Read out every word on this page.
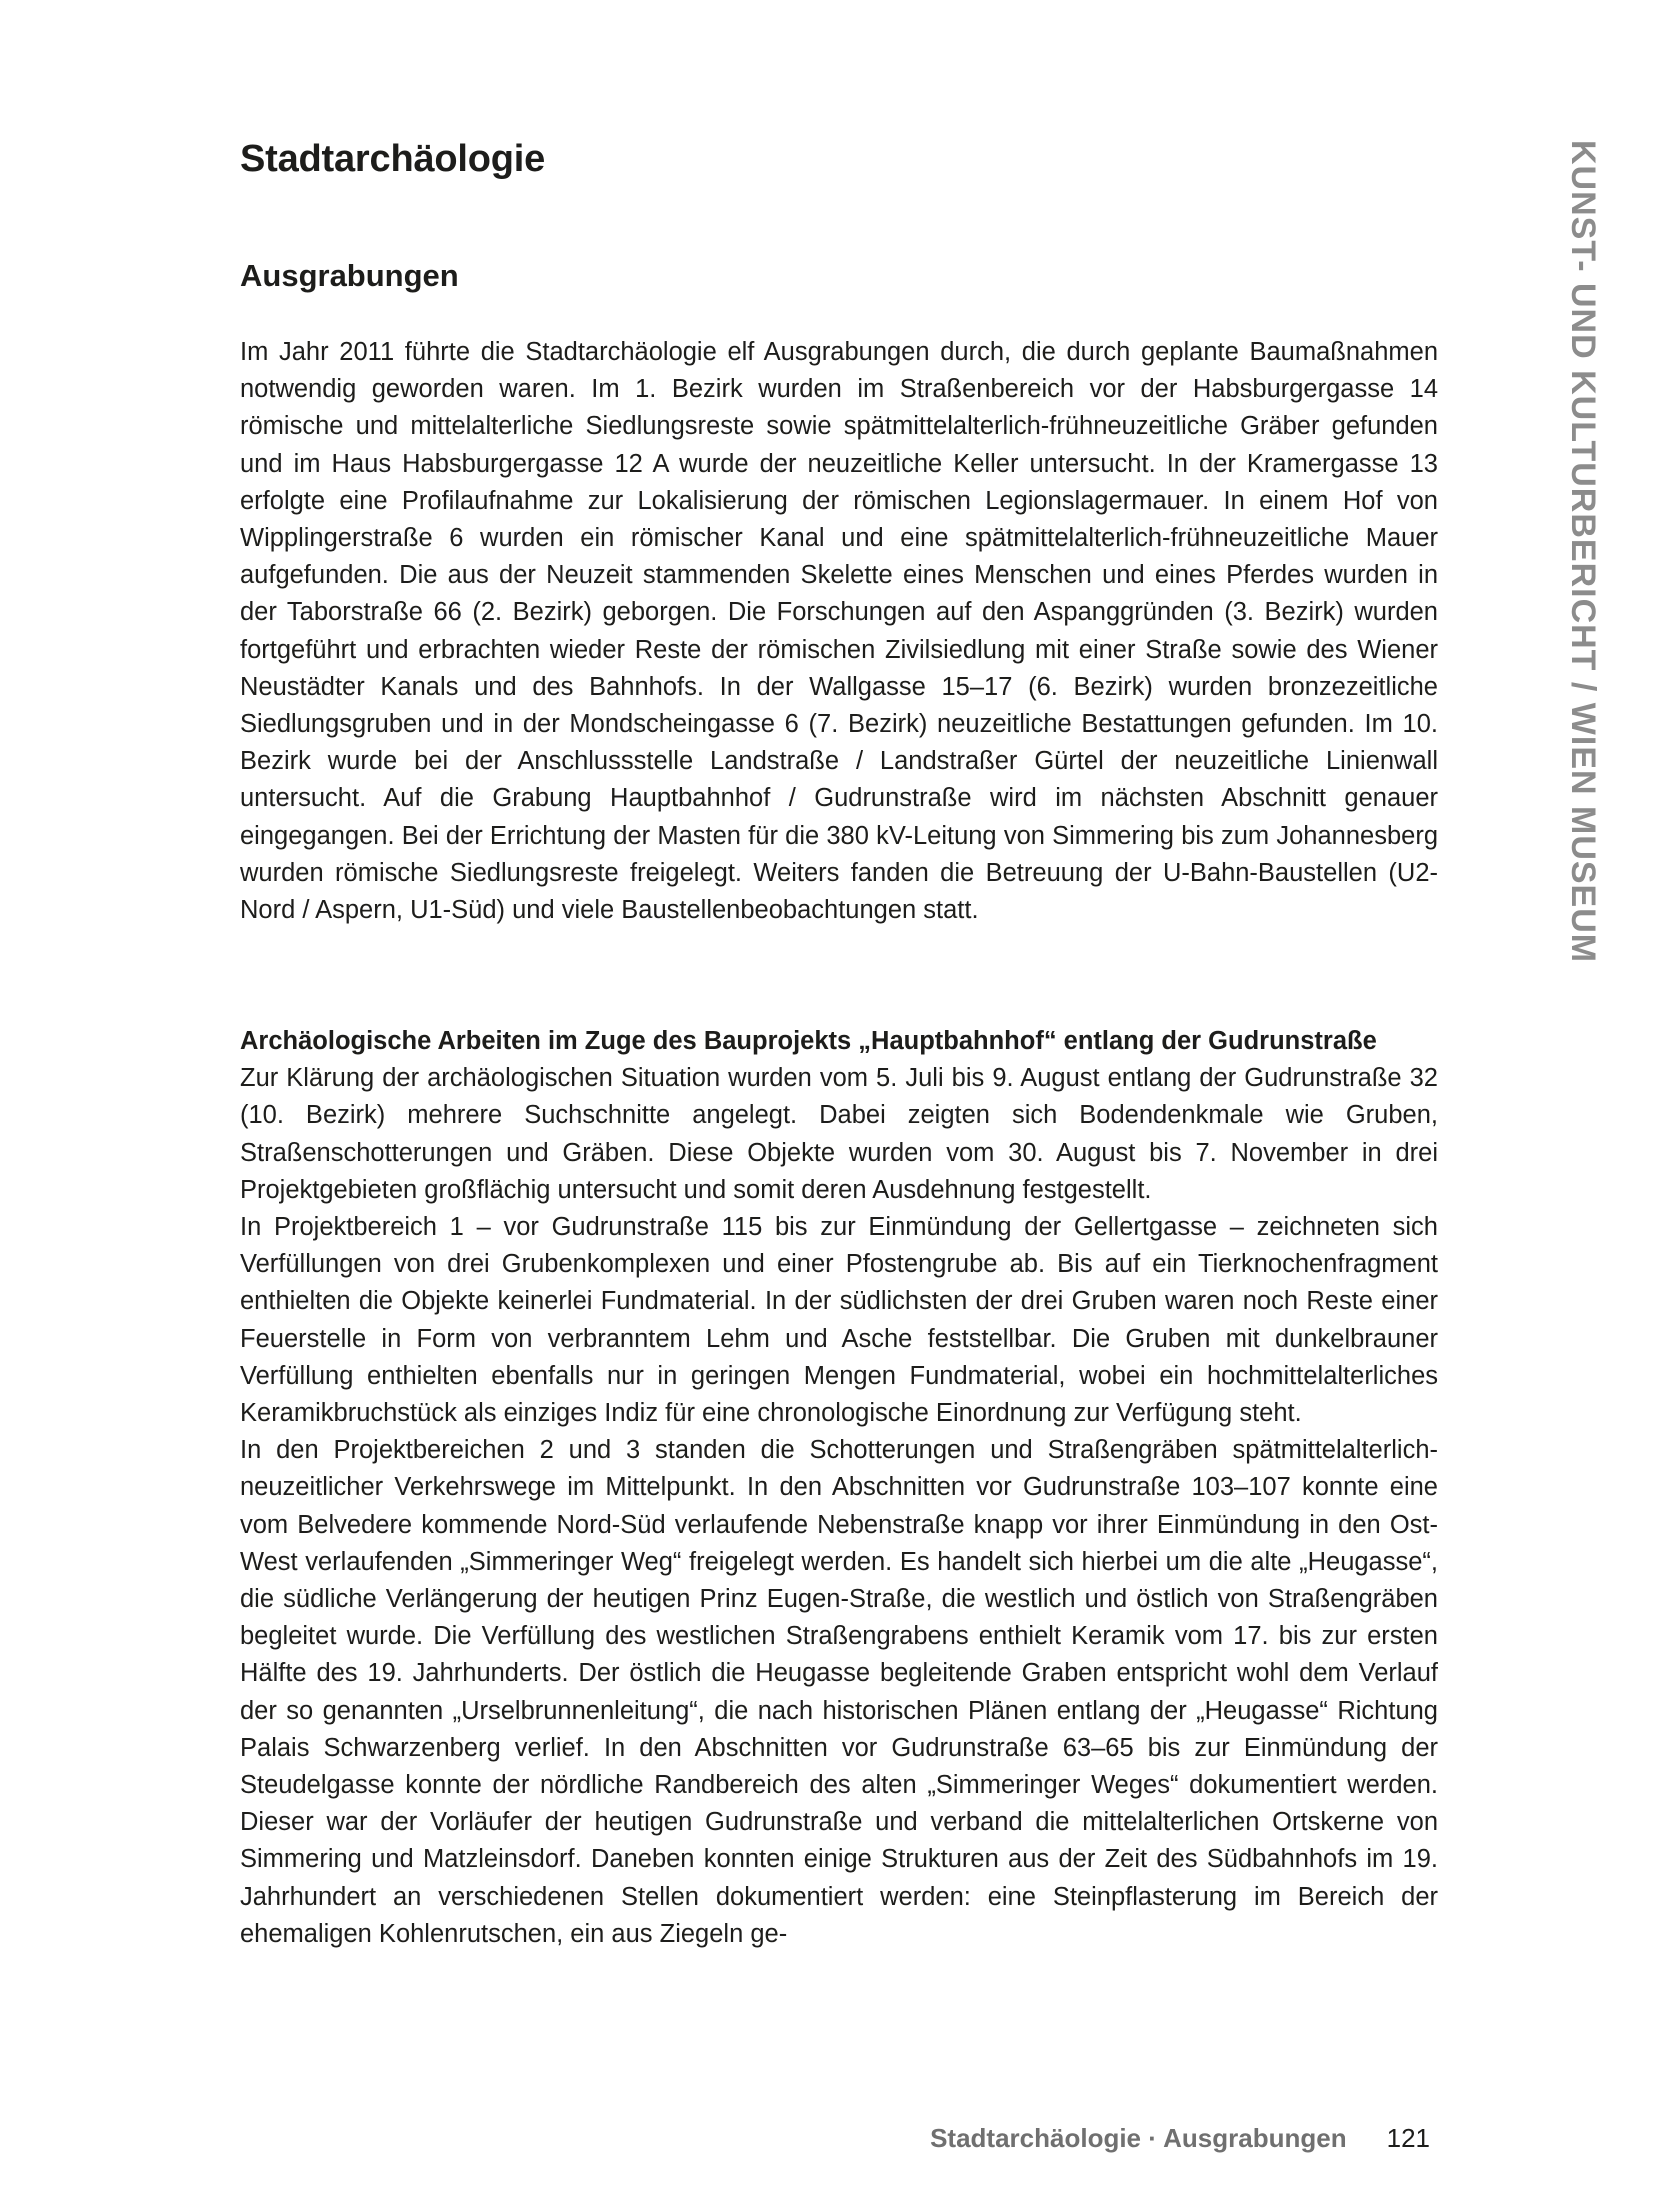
Stadtarchäologie
Ausgrabungen

Im Jahr 2011 führte die Stadtarchäologie elf Ausgrabungen durch, die durch geplante Baumaßnahmen notwendig geworden waren. Im 1. Bezirk wurden im Straßenbereich vor der Habsburgergasse 14 römische und mittelalterliche Siedlungsreste sowie spätmittelalterlich-frühneuzeitliche Gräber gefunden und im Haus Habsburgergasse 12 A wurde der neuzeitliche Keller untersucht. In der Kramergasse 13 erfolgte eine Profilaufnahme zur Lokalisierung der römischen Legionslagermauer. In einem Hof von Wipplingerstraße 6 wurden ein römischer Kanal und eine spätmittelalterlich-frühneuzeitliche Mauer aufgefunden. Die aus der Neuzeit stammenden Skelette eines Menschen und eines Pferdes wurden in der Taborstraße 66 (2. Bezirk) geborgen. Die Forschungen auf den Aspanggründen (3. Bezirk) wurden fortgeführt und erbrachten wieder Reste der römischen Zivilsiedlung mit einer Straße sowie des Wiener Neustädter Kanals und des Bahnhofs. In der Wallgasse 15–17 (6. Bezirk) wurden bronzezeitliche Siedlungsgruben und in der Mondscheingasse 6 (7. Bezirk) neuzeitliche Bestattungen gefunden. Im 10. Bezirk wurde bei der Anschlussstelle Landstraße / Landstraßer Gürtel der neuzeitliche Linienwall untersucht. Auf die Grabung Hauptbahnhof / Gudrunstraße wird im nächsten Abschnitt genauer eingegangen. Bei der Errichtung der Masten für die 380 kV-Leitung von Simmering bis zum Johannesberg wurden römische Siedlungsreste freigelegt. Weiters fanden die Betreuung der U-Bahn-Baustellen (U2-Nord / Aspern, U1-Süd) und viele Baustellenbeobachtungen statt.

Archäologische Arbeiten im Zuge des Bauprojekts „Hauptbahnhof“ entlang der Gudrunstraße
Zur Klärung der archäologischen Situation wurden vom 5. Juli bis 9. August entlang der Gudrunstraße 32 (10. Bezirk) mehrere Suchschnitte angelegt. Dabei zeigten sich Bodendenkmale wie Gruben, Straßenschotterungen und Gräben. Diese Objekte wurden vom 30. August bis 7. November in drei Projektgebieten großflächig untersucht und somit deren Ausdehnung festgestellt.
In Projektbereich 1 – vor Gudrunstraße 115 bis zur Einmündung der Gellertgasse – zeichneten sich Verfüllungen von drei Grubenkomplexen und einer Pfostengrube ab. Bis auf ein Tierknochenfragment enthielten die Objekte keinerlei Fundmaterial. In der südlichsten der drei Gruben waren noch Reste einer Feuerstelle in Form von verbranntem Lehm und Asche feststellbar. Die Gruben mit dunkelbrauner Verfüllung enthielten ebenfalls nur in geringen Mengen Fundmaterial, wobei ein hochmittelalterliches Keramikbruchstück als einziges Indiz für eine chronologische Einordnung zur Verfügung steht.
In den Projektbereichen 2 und 3 standen die Schotterungen und Straßengräben spätmittelalterlich-neuzeitlicher Verkehrswege im Mittelpunkt. In den Abschnitten vor Gudrunstraße 103–107 konnte eine vom Belvedere kommende Nord-Süd verlaufende Nebenstraße knapp vor ihrer Einmündung in den Ost-West verlaufenden „Simmeringer Weg“ freigelegt werden. Es handelt sich hierbei um die alte „Heugasse“, die südliche Verlängerung der heutigen Prinz Eugen-Straße, die westlich und östlich von Straßengräben begleitet wurde. Die Verfüllung des westlichen Straßengrabens enthielt Keramik vom 17. bis zur ersten Hälfte des 19. Jahrhunderts. Der östlich die Heugasse begleitende Graben entspricht wohl dem Verlauf der so genannten „Urselbrunnenleitung“, die nach historischen Plänen entlang der „Heugasse“ Richtung Palais Schwarzenberg verlief. In den Abschnitten vor Gudrunstraße 63–65 bis zur Einmündung der Steudelgasse konnte der nördliche Randbereich des alten „Simmeringer Weges“ dokumentiert werden. Dieser war der Vorläufer der heutigen Gudrunstraße und verband die mittelalterlichen Ortskerne von Simmering und Matzleinsdorf. Daneben konnten einige Strukturen aus der Zeit des Südbahnhofs im 19. Jahrhundert an verschiedenen Stellen dokumentiert werden: eine Steinpflasterung im Bereich der ehemaligen Kohlenrutschen, ein aus Ziegeln ge-
KUNST- UND KULTURBERICHT / WIEN MUSEUM
Stadtarchäologie · Ausgrabungen 121
